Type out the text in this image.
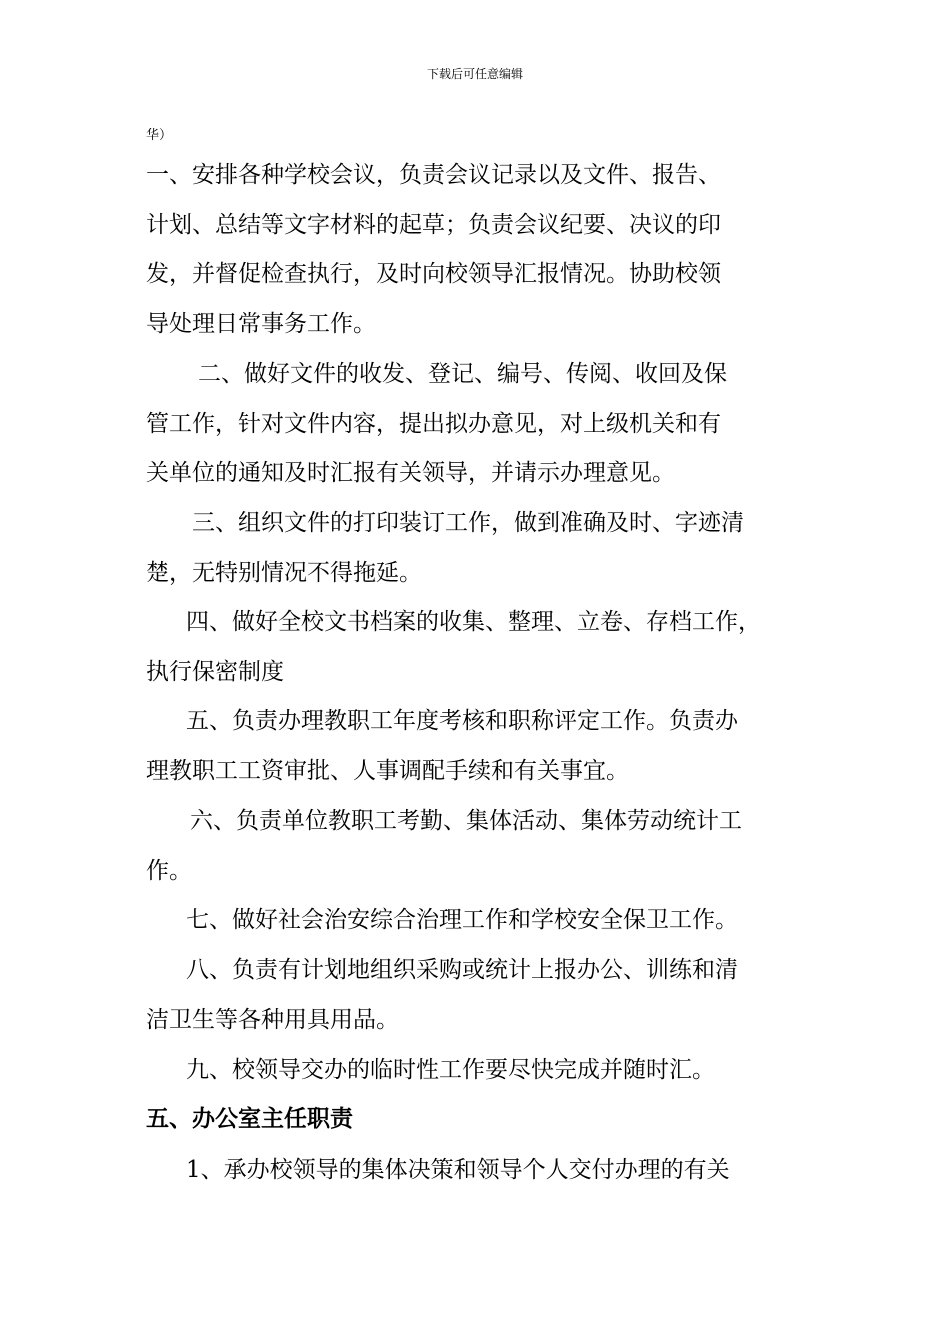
下载后可任意编辑
华）
一、安排各种学校会议，负责会议记录以及文件、报告、
计划、总结等文字材料的起草；负责会议纪要、决议的印
发，并督促检查执行，及时向校领导汇报情况。协助校领
导处理日常事务工作。
二、做好文件的收发、登记、编号、传阅、收回及保
管工作，针对文件内容，提出拟办意见，对上级机关和有
关单位的通知及时汇报有关领导，并请示办理意见。
三、组织文件的打印装订工作，做到准确及时、字迹清
楚，无特别情况不得拖延。
四、做好全校文书档案的收集、整理、立卷、存档工作，
执行保密制度
五、负责办理教职工年度考核和职称评定工作。负责办
理教职工工资审批、人事调配手续和有关事宜。
六、负责单位教职工考勤、集体活动、集体劳动统计工
作。
七、做好社会治安综合治理工作和学校安全保卫工作。
八、负责有计划地组织采购或统计上报办公、训练和清
洁卫生等各种用具用品。
九、校领导交办的临时性工作要尽快完成并随时汇。
五、办公室主任职责
1、承办校领导的集体决策和领导个人交付办理的有关
